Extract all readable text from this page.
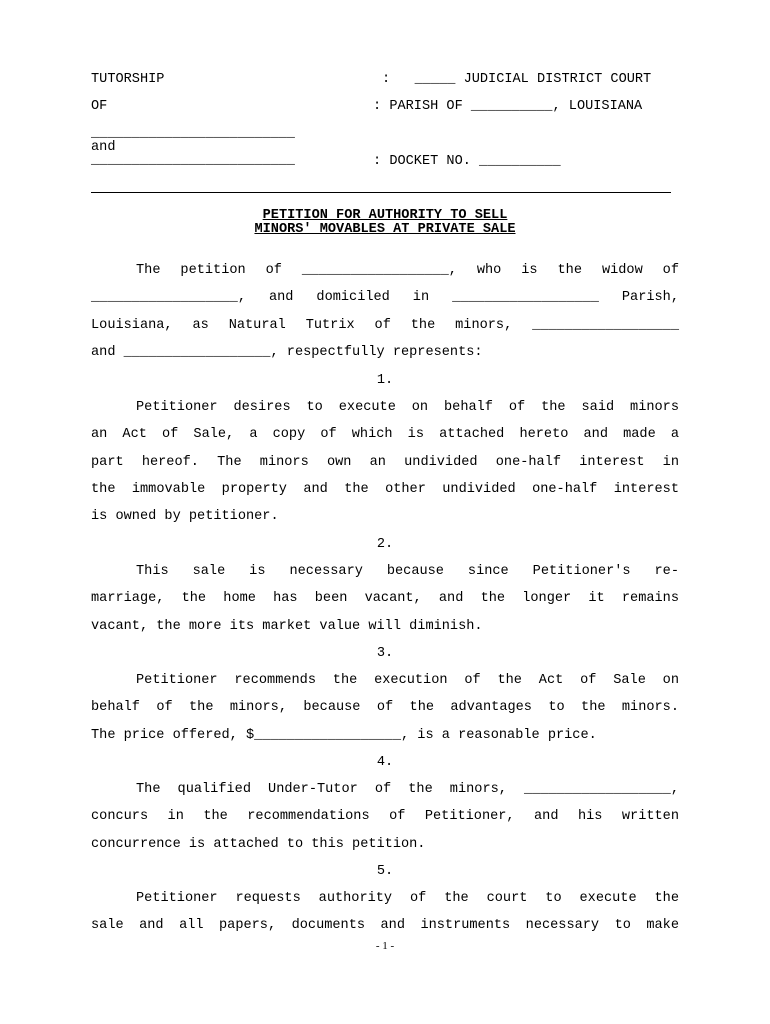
TUTORSHIP	:   _____ JUDICIAL DISTRICT COURT
OF	: PARISH OF __________, LOUISIANA
_________________________
and
_________________________	: DOCKET NO. __________
PETITION FOR AUTHORITY TO SELL
MINORS' MOVABLES AT PRIVATE SALE
The petition of __________________, who is the widow of
__________________, and domiciled in __________________ Parish,
Louisiana, as Natural Tutrix of the minors, __________________
and __________________, respectfully represents:
1.
Petitioner desires to execute on behalf of the said minors
an Act of Sale, a copy of which is attached hereto and made a
part hereof. The minors own an undivided one-half interest in
the immovable property and the other undivided one-half interest
is owned by petitioner.
2.
This sale is necessary because since Petitioner's re-
marriage, the home has been vacant, and the longer it remains
vacant, the more its market value will diminish.
3.
Petitioner recommends the execution of the Act of Sale on
behalf of the minors, because of the advantages to the minors.
The price offered, $__________________, is a reasonable price.
4.
The qualified Under-Tutor of the minors, __________________,
concurs in the recommendations of Petitioner, and his written
concurrence is attached to this petition.
5.
Petitioner requests authority of the court to execute the
sale and all papers, documents and instruments necessary to make
- 1 -
